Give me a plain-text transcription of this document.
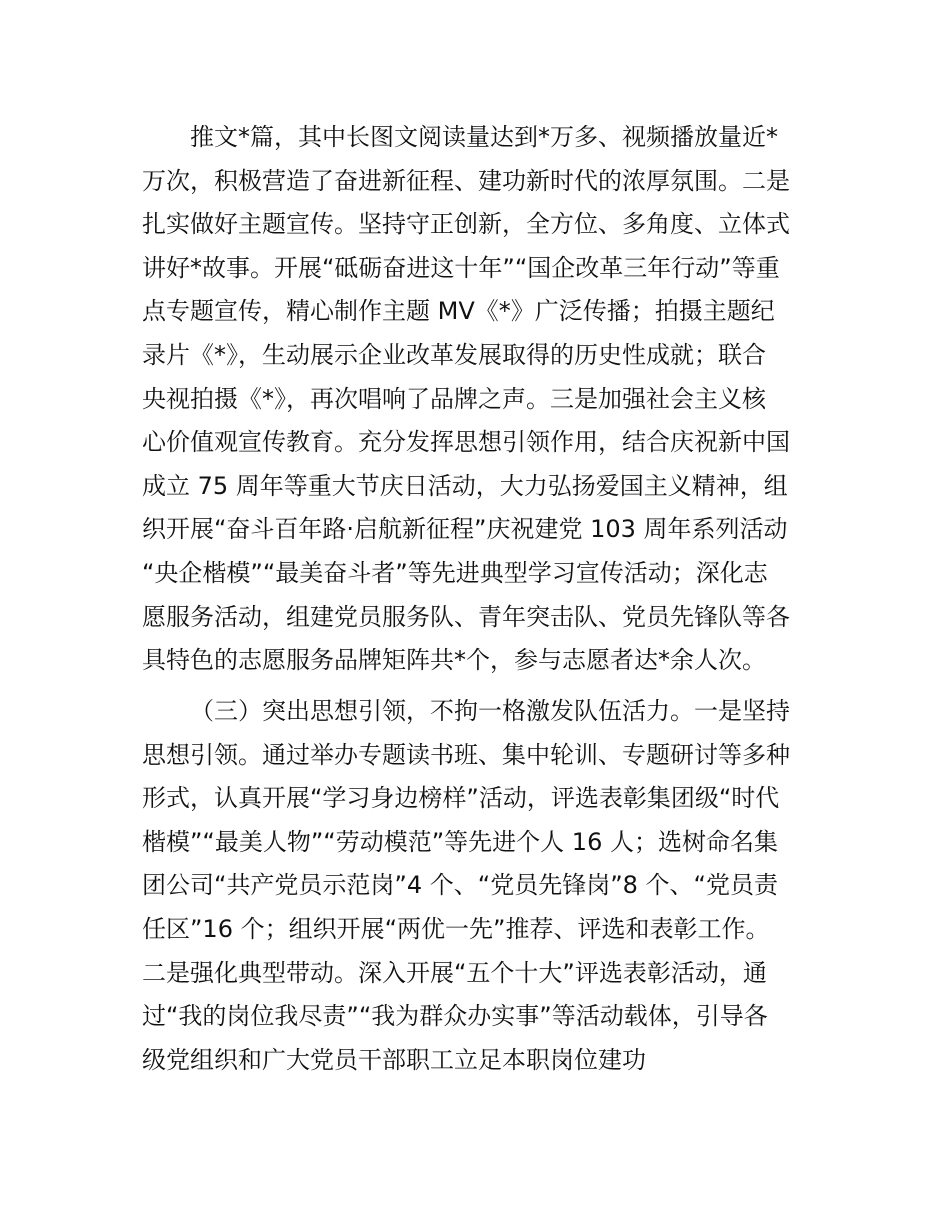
推文*篇，其中长图文阅读量达到*万多、视频播放量近*
万次，积极营造了奋进新征程、建功新时代的浓厚氛围。二是
扎实做好主题宣传。坚持守正创新，全方位、多角度、立体式
讲好*故事。开展“砥砺奋进这十年”“国企改革三年行动”等重
点专题宣传，精心制作主题 MV《*》广泛传播；拍摄主题纪
录片《*》，生动展示企业改革发展取得的历史性成就；联合
央视拍摄《*》，再次唱响了品牌之声。三是加强社会主义核
心价值观宣传教育。充分发挥思想引领作用，结合庆祝新中国
成立 75 周年等重大节庆日活动，大力弘扬爱国主义精神，组
织开展“奋斗百年路·启航新征程”庆祝建党 103 周年系列活动
“央企楷模”“最美奋斗者”等先进典型学习宣传活动；深化志
愿服务活动，组建党员服务队、青年突击队、党员先锋队等各
具特色的志愿服务品牌矩阵共*个，参与志愿者达*余人次。
（三）突出思想引领，不拘一格激发队伍活力。一是坚持
思想引领。通过举办专题读书班、集中轮训、专题研讨等多种
形式，认真开展“学习身边榜样”活动，评选表彰集团级“时代
楷模”“最美人物”“劳动模范”等先进个人 16 人；选树命名集
团公司“共产党员示范岗”4 个、“党员先锋岗”8 个、“党员责
任区”16 个；组织开展“两优一先”推荐、评选和表彰工作。
二是强化典型带动。深入开展“五个十大”评选表彰活动，通
过“我的岗位我尽责”“我为群众办实事”等活动载体，引导各
级党组织和广大党员干部职工立足本职岗位建功
